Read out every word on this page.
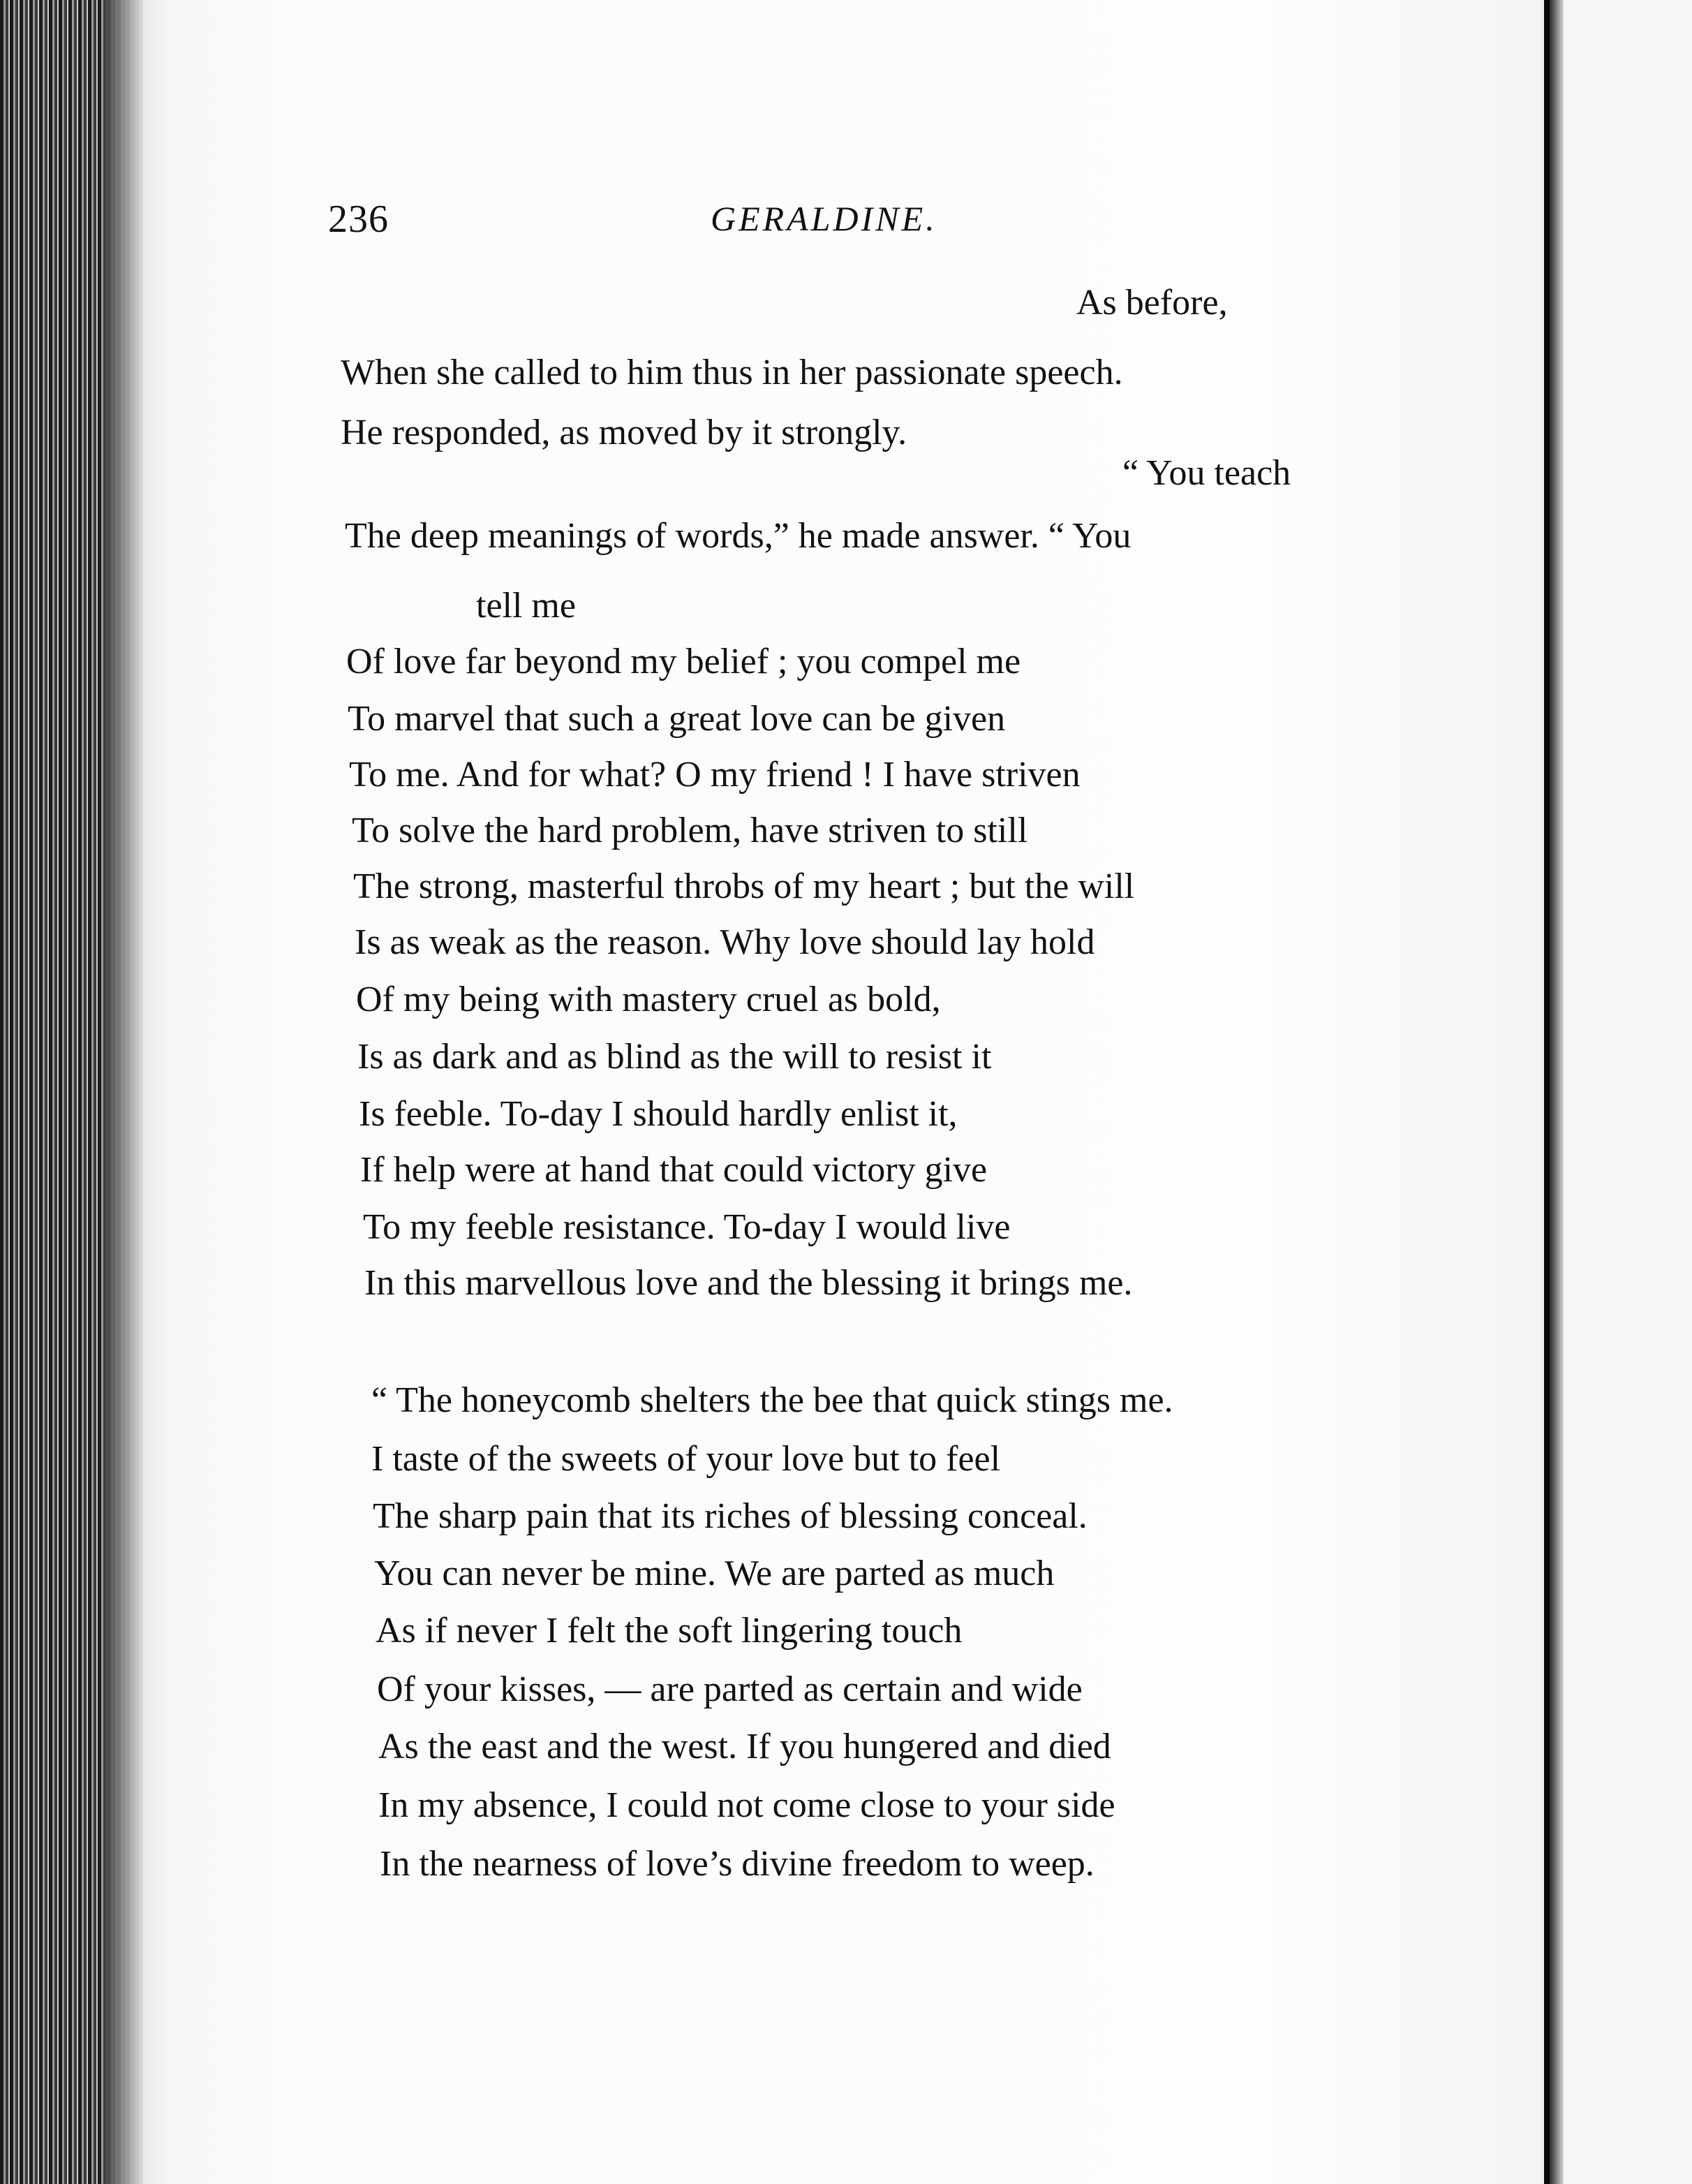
236	GERALDINE.
As before,
When she called to him thus in her passionate speech.
He responded, as moved by it strongly.
“ You teach
The deep meanings of words,” he made answer. “ You
tell me
Of love far beyond my belief ; you compel me
To marvel that such a great love can be given
To me. And for what? O my friend ! I have striven
To solve the hard problem, have striven to still
The strong, masterful throbs of my heart ; but the will
Is as weak as the reason. Why love should lay hold
Of my being with mastery cruel as bold,
Is as dark and as blind as the will to resist it
Is feeble. To-day I should hardly enlist it,
If help were at hand that could victory give
To my feeble resistance. To-day I would live
In this marvellous love and the blessing it brings me.
“ The honeycomb shelters the bee that quick stings me.
I taste of the sweets of your love but to feel
The sharp pain that its riches of blessing conceal.
You can never be mine. We are parted as much
As if never I felt the soft lingering touch
Of your kisses, — are parted as certain and wide
As the east and the west. If you hungered and died
In my absence, I could not come close to your side
In the nearness of love’s divine freedom to weep.
